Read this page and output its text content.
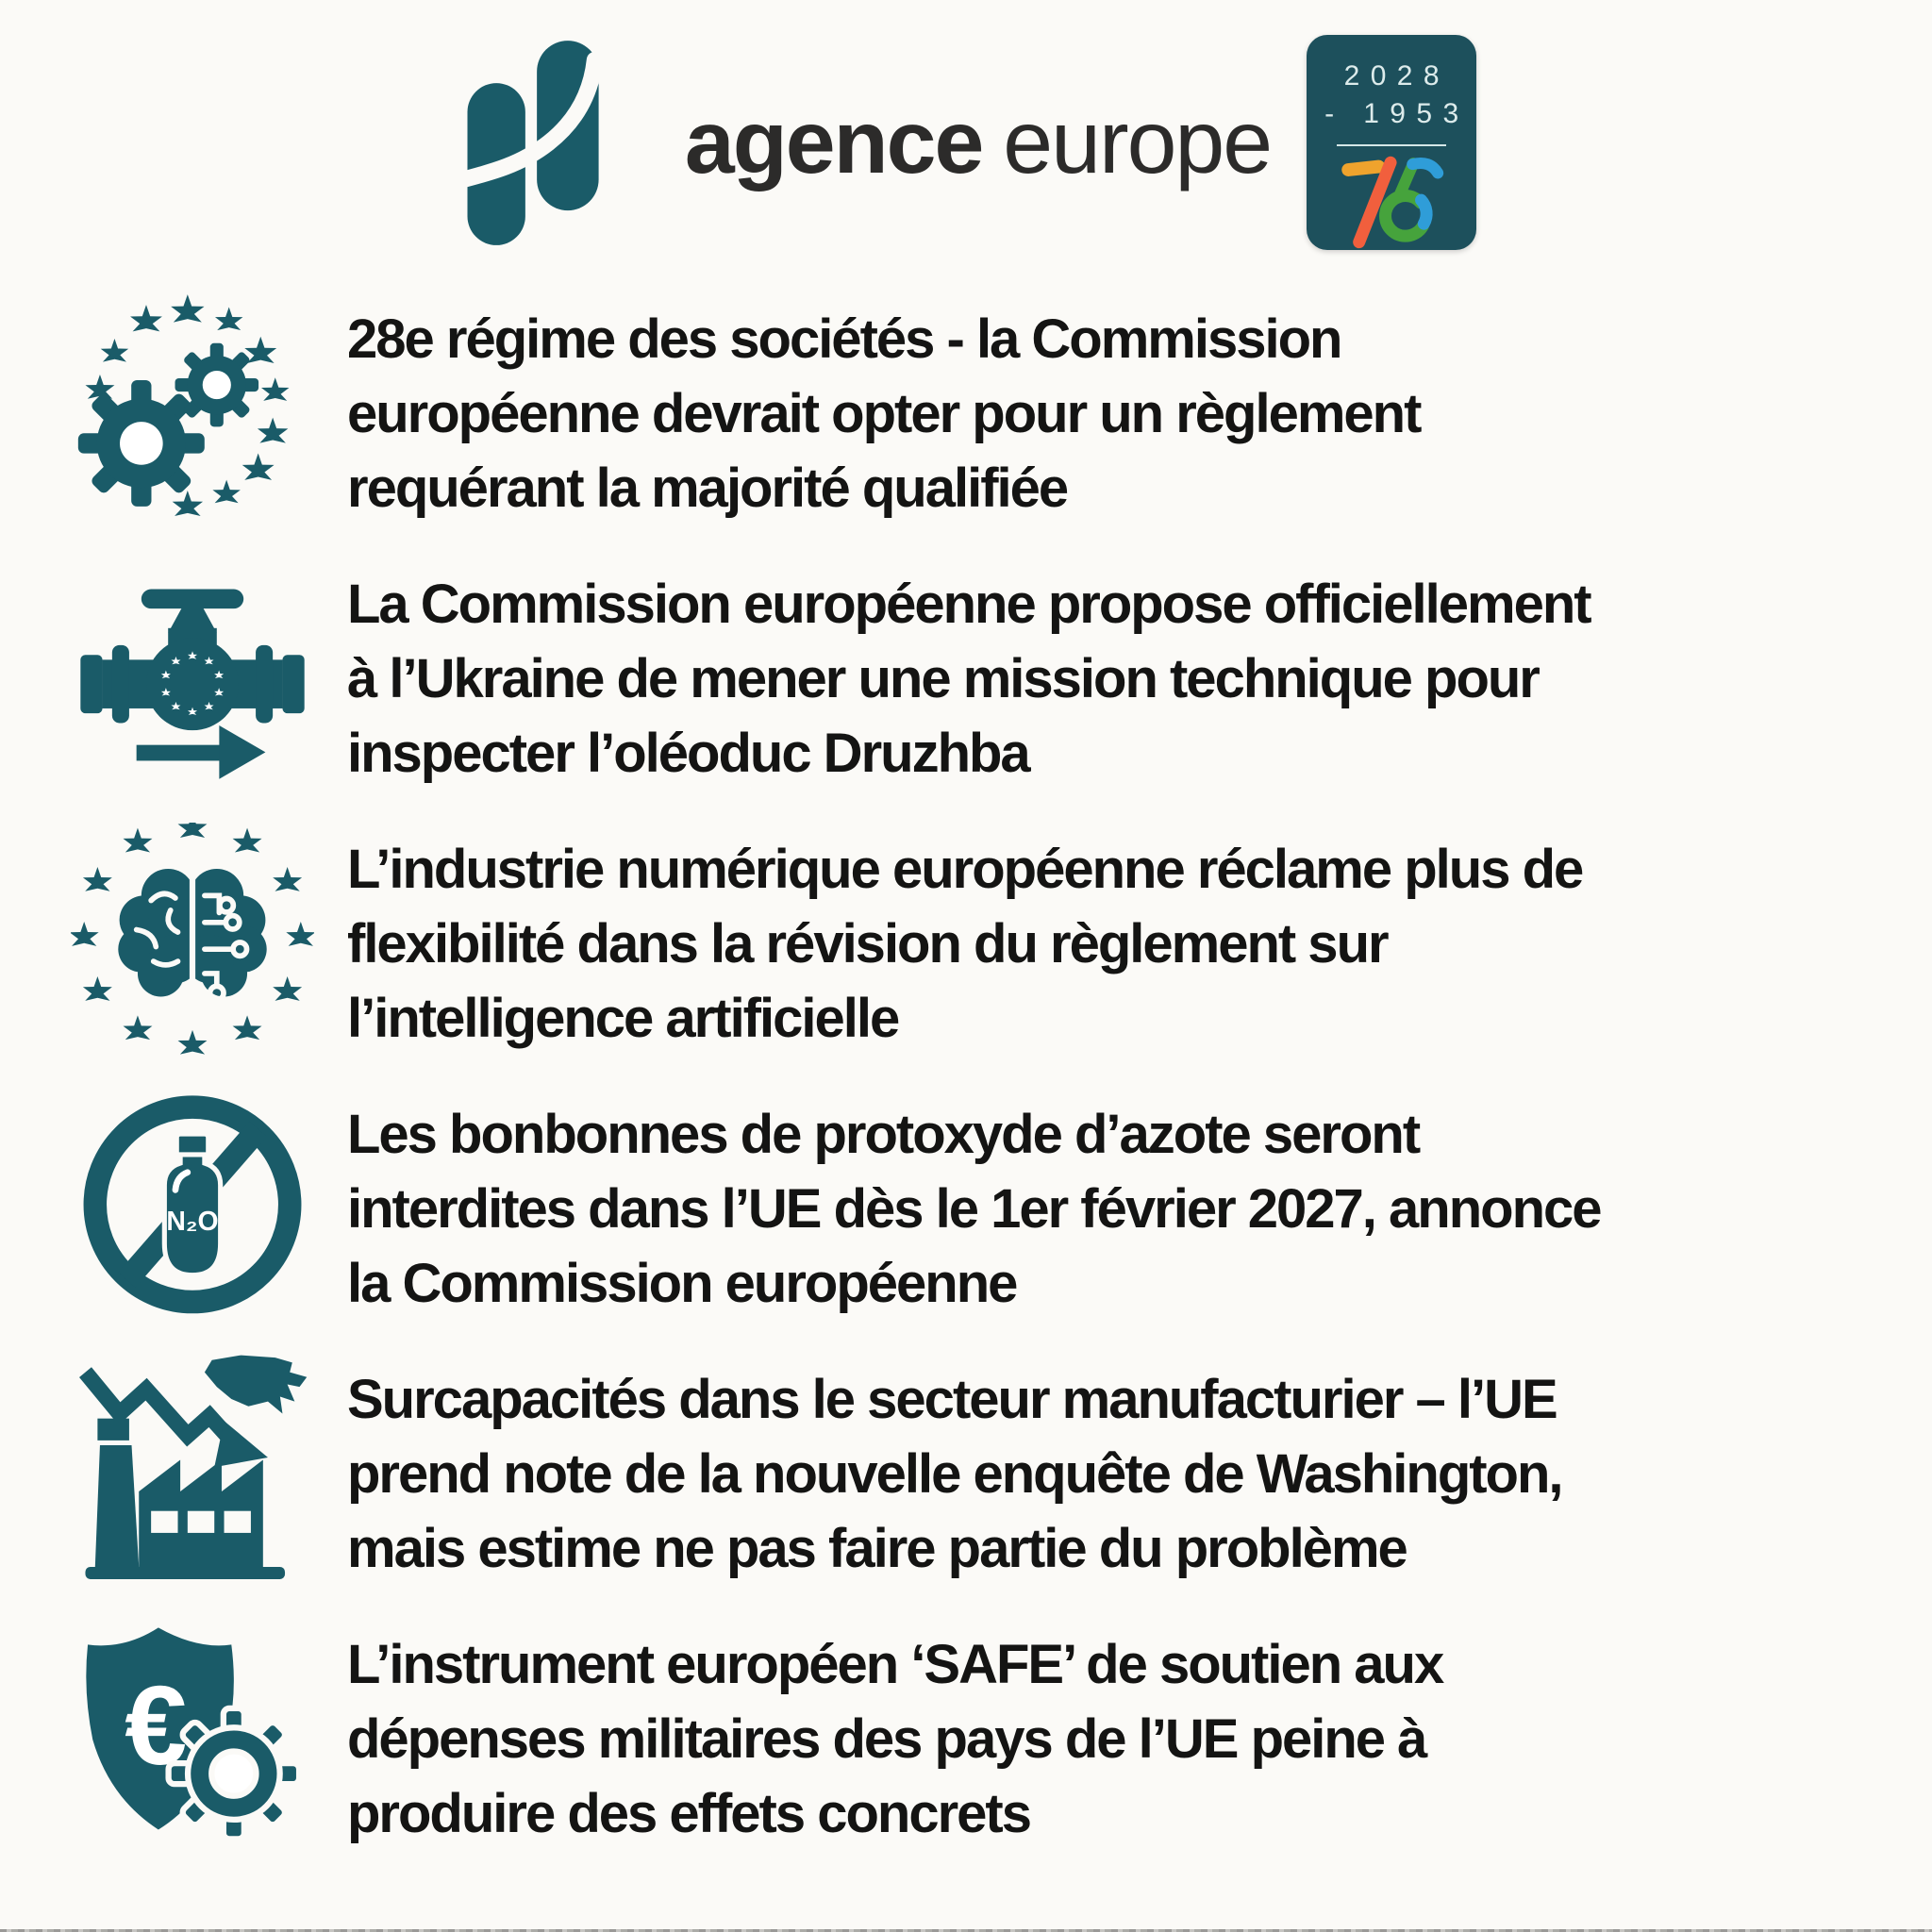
agence europe
2028
- 1953
28e régime des sociétés - la Commission
européenne devrait opter pour un règlement
requérant la majorité qualifiée
La Commission européenne propose officiellement
à l’Ukraine de mener une mission technique pour
inspecter l’oléoduc Druzhba
L’industrie numérique européenne réclame plus de
flexibilité dans la révision du règlement sur
l’intelligence artificielle
N₂O
Les bonbonnes de protoxyde d’azote seront
interdites dans l’UE dès le 1er février 2027, annonce
la Commission européenne
Surcapacités dans le secteur manufacturier – l’UE
prend note de la nouvelle enquête de Washington,
mais estime ne pas faire partie du problème
€	L’instrument européen ‘SAFE’ de soutien aux
dépenses militaires des pays de l’UE peine à
produire des effets concrets
